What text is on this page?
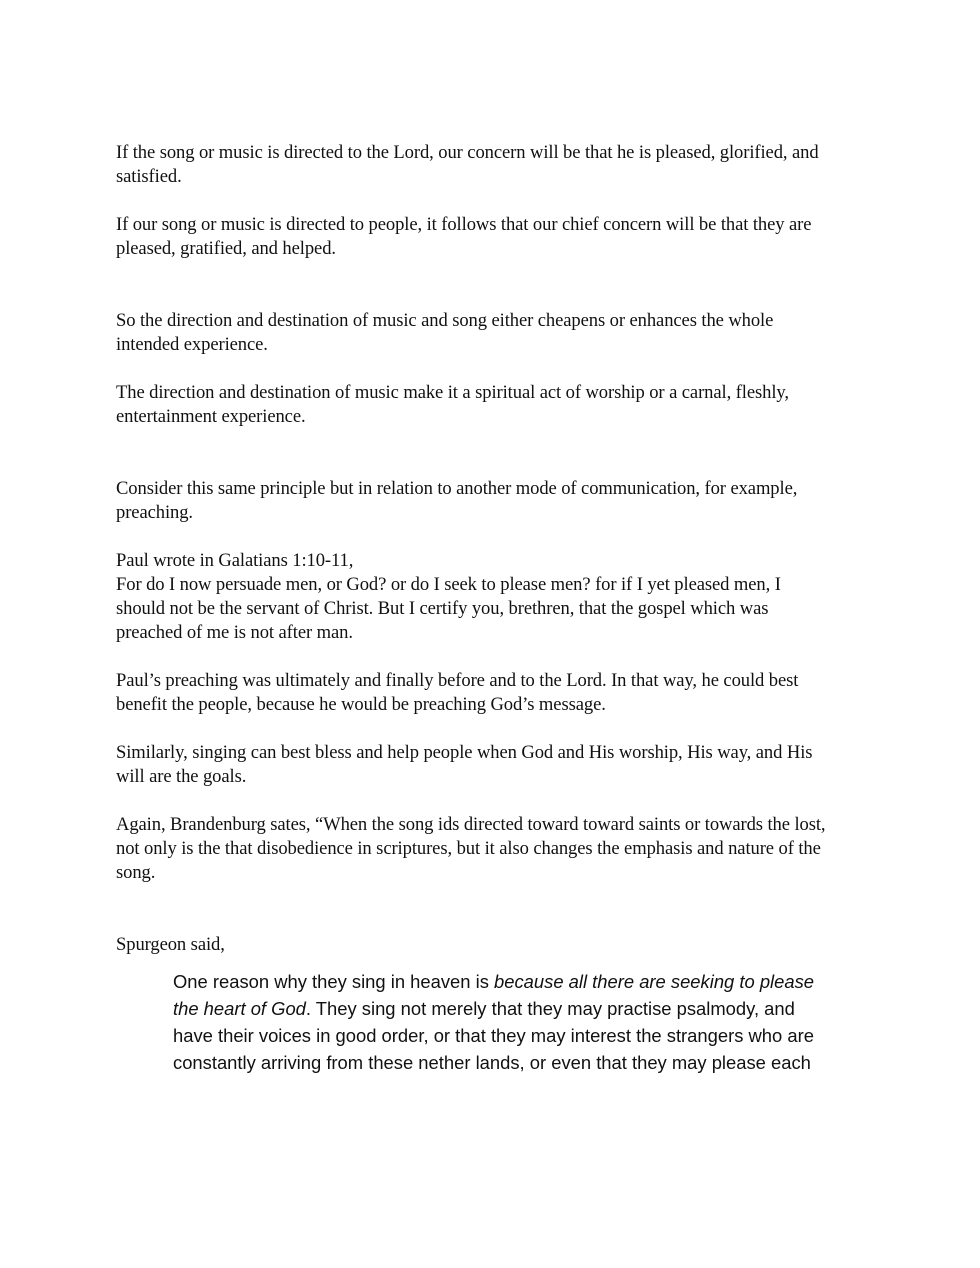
If the song or music is directed to the Lord, our concern will be that he is pleased, glorified, and
satisfied.

If our song or music is directed to people, it follows that our chief concern will be that they are
pleased, gratified, and helped.

So the direction and destination of music and song either cheapens or enhances the whole
intended experience.

The direction and destination of music make it a spiritual act of worship or a carnal, fleshly,
entertainment experience.

Consider this same principle but in relation to another mode of communication, for example,
preaching.

Paul wrote in Galatians 1:10-11,
For do I now persuade men, or God? or do I seek to please men? for if I yet pleased men, I
should not be the servant of Christ. But I certify you, brethren, that the gospel which was
preached of me is not after man.

Paul’s preaching was ultimately and finally before and to the Lord. In that way, he could best
benefit the people, because he would be preaching God’s message.

Similarly, singing can best bless and help people when God and His worship, His way, and His
will are the goals.

Again, Brandenburg sates, “When the song ids directed toward toward saints or towards the lost,
not only is the that disobedience in scriptures, but it also changes the emphasis and nature of the
song.

Spurgeon said,

One reason why they sing in heaven is because all there are seeking to please
the heart of God. They sing not merely that they may practise psalmody, and
have their voices in good order, or that they may interest the strangers who are
constantly arriving from these nether lands, or even that they may please each
